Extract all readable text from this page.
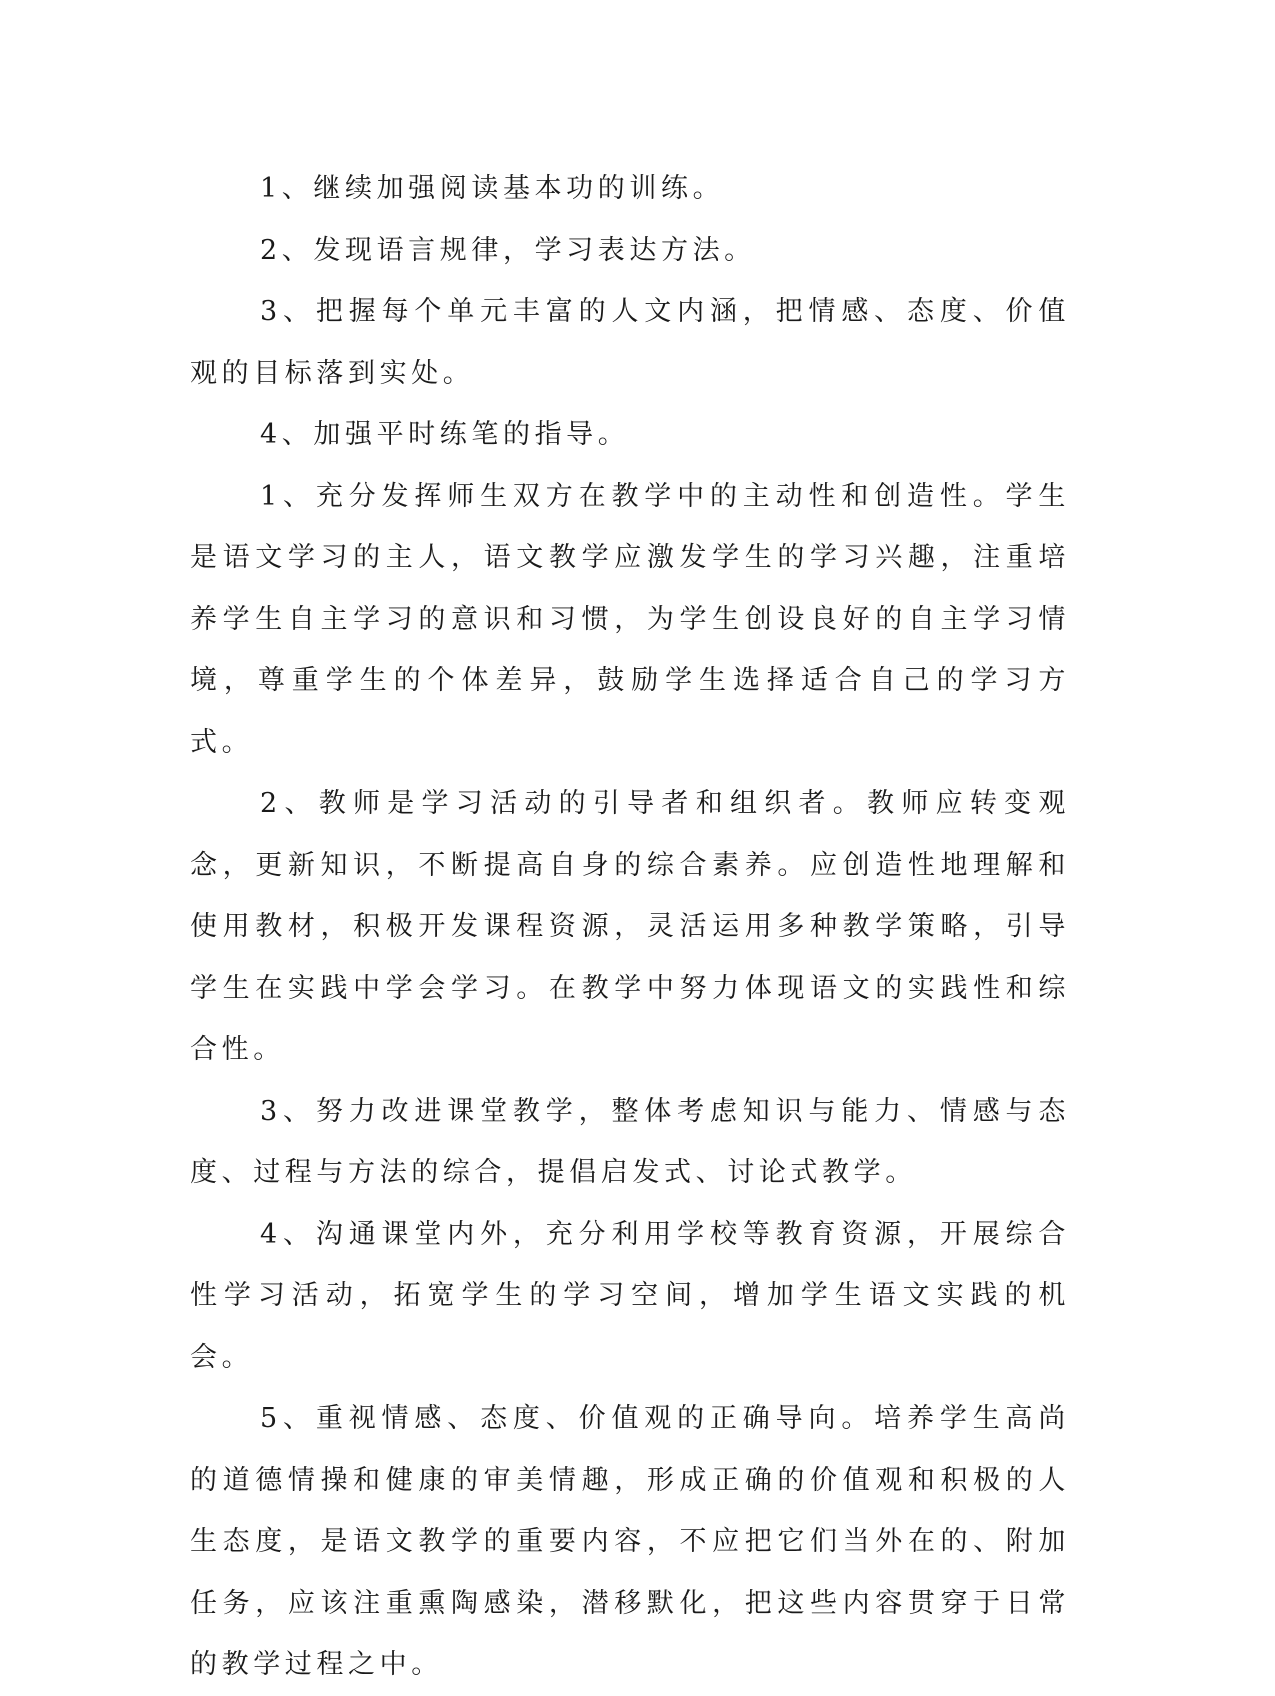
1、继续加强阅读基本功的训练。

2、发现语言规律，学习表达方法。

3、把握每个单元丰富的人文内涵，把情感、态度、价值观的目标落到实处。

4、加强平时练笔的指导。

1、充分发挥师生双方在教学中的主动性和创造性。学生是语文学习的主人，语文教学应激发学生的学习兴趣，注重培养学生自主学习的意识和习惯，为学生创设良好的自主学习情境，尊重学生的个体差异，鼓励学生选择适合自己的学习方式。

2、教师是学习活动的引导者和组织者。教师应转变观念，更新知识，不断提高自身的综合素养。应创造性地理解和使用教材，积极开发课程资源，灵活运用多种教学策略，引导学生在实践中学会学习。在教学中努力体现语文的实践性和综合性。

3、努力改进课堂教学，整体考虑知识与能力、情感与态度、过程与方法的综合，提倡启发式、讨论式教学。

4、沟通课堂内外，充分利用学校等教育资源，开展综合性学习活动，拓宽学生的学习空间，增加学生语文实践的机会。

5、重视情感、态度、价值观的正确导向。培养学生高尚的道德情操和健康的审美情趣，形成正确的价值观和积极的人生态度，是语文教学的重要内容，不应把它们当外在的、附加任务，应该注重熏陶感染，潜移默化，把这些内容贯穿于日常的教学过程之中。
